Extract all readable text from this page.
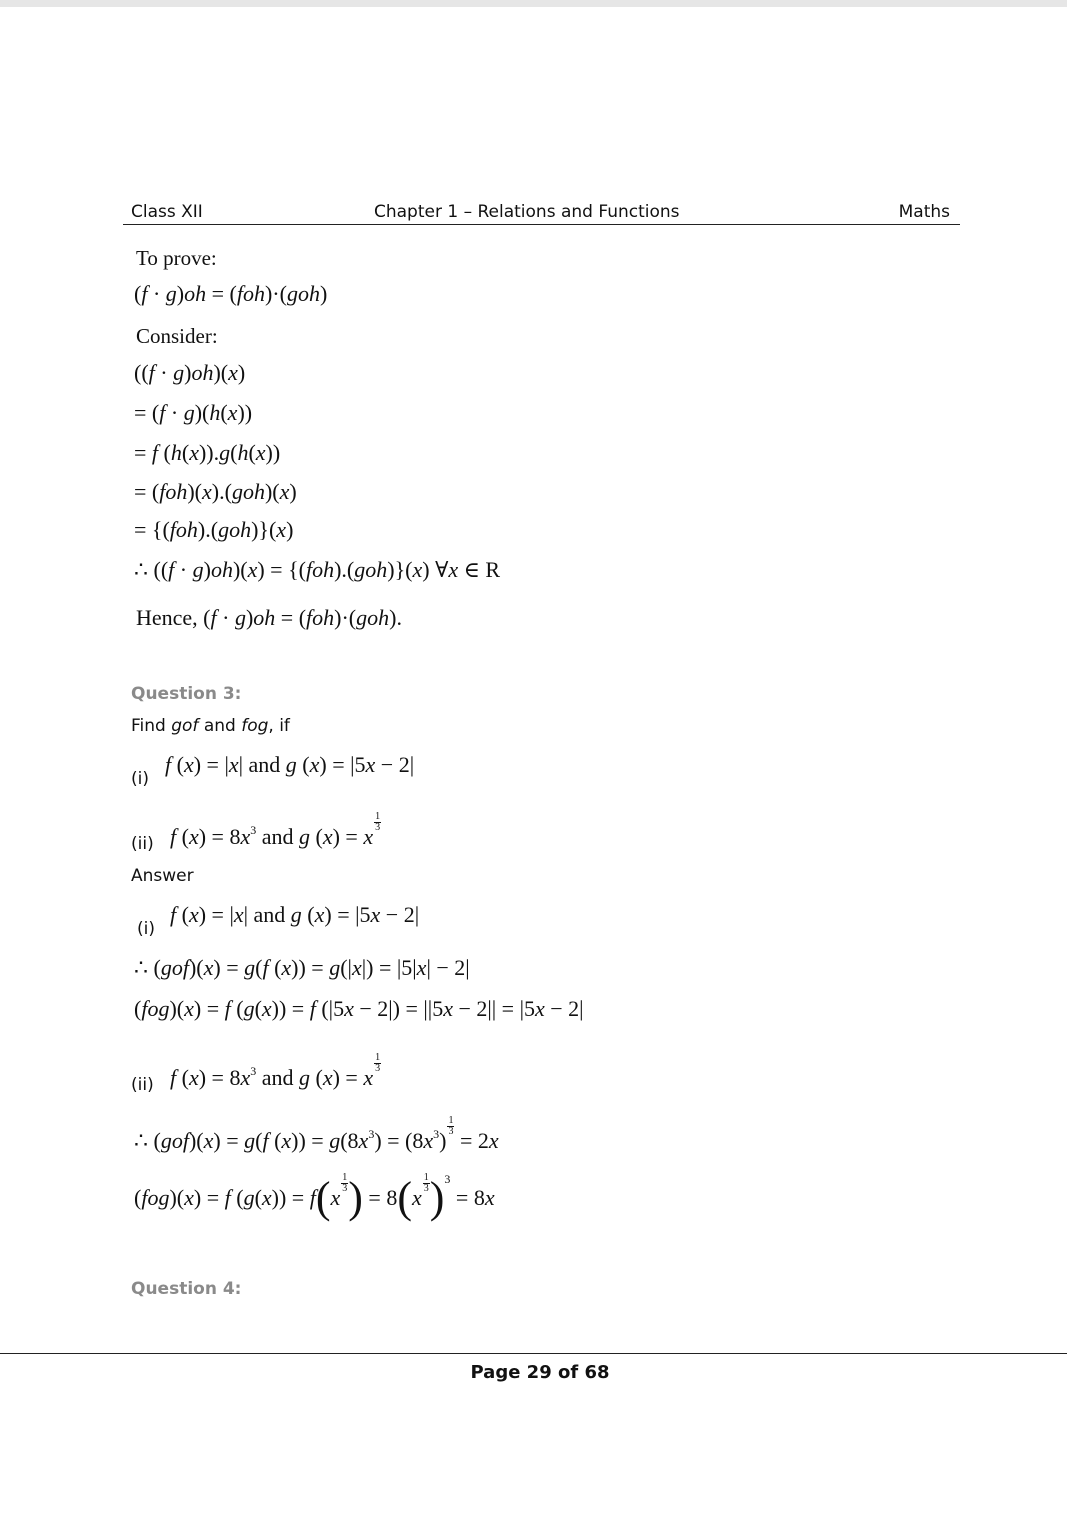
Class XII	Chapter 1 – Relations and Functions	Maths
To prove:
(f · g)oh = (foh)·(goh)
Consider:
((f · g)oh)(x)
= (f · g)(h(x))
= f (h(x)).g(h(x))
= (foh)(x).(goh)(x)
= {(foh).(goh)}(x)
∴ ((f · g)oh)(x) = {(foh).(goh)}(x) ∀x ∈ R
Hence, (f · g)oh = (foh)·(goh).
Question 3:
Find gof and fog, if
(i)
f (x) = |x| and g (x) = |5x − 2|
(ii) f $(x) = 8x^3$ and g (x) = x
$\frac{1}{3}$
Answer
(i)
f (x) = |x| and g (x) = |5x − 2|
∴ (gof)(x) = g(f (x)) = g(|x|) = |5|x| − 2|
(fog)(x) = f (g(x)) = f (|5x − 2|) = ||5x − 2|| = |5x − 2|
(ii) f $(x) = 8x^3$ and g (x) = x
$\frac{1}{3}$
∴ (gof)(x) = g(f $(x)) = g(8x^3) = (8x^3)$
$\frac{1}{3}$
= 2x
(fog)(x) = f (g(x)) = f(x
$\frac{1}{3}$ ) = 8(x
$\frac{1}{3} )^3 = 8x$
Question 4:
Page 29 of 68
